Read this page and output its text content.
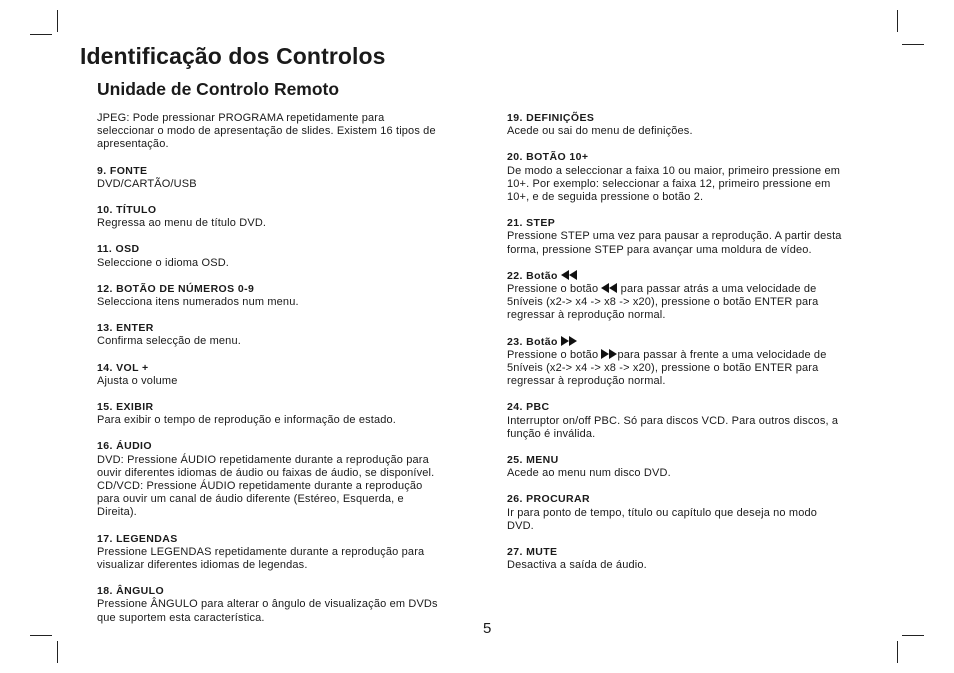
Identificação dos Controlos
Unidade de Controlo Remoto
JPEG: Pode pressionar PROGRAMA repetidamente para
seleccionar o modo de apresentação de slides. Existem 16 tipos de
apresentação.
9. FONTE
DVD/CARTÃO/USB
10. TÍTULO
Regressa ao menu de título DVD.
11. OSD
Seleccione o idioma OSD.
12. BOTÃO DE NÚMEROS 0-9
Selecciona itens numerados num menu.
13. ENTER
Confirma selecção de menu.
14. VOL +
Ajusta o volume
15. EXIBIR
Para exibir o tempo de reprodução e informação de estado.
16. ÁUDIO
DVD: Pressione ÁUDIO repetidamente durante a reprodução para
ouvir diferentes idiomas de áudio ou faixas de áudio, se disponível.
CD/VCD: Pressione ÁUDIO repetidamente durante a reprodução
para ouvir um canal de áudio diferente (Estéreo, Esquerda, e
Direita).
17. LEGENDAS
Pressione LEGENDAS repetidamente durante a reprodução para
visualizar diferentes idiomas de legendas.
18. ÂNGULO
Pressione ÂNGULO para alterar o ângulo de visualização em DVDs
que suportem esta característica.
19. DEFINIÇÕES
Acede ou sai do menu de definições.
20. BOTÃO 10+
De modo a seleccionar a faixa 10 ou maior, primeiro pressione em
10+. Por exemplo: seleccionar a faixa 12, primeiro pressione em
10+, e de seguida pressione o botão 2.
21. STEP
Pressione STEP uma vez para pausar a reprodução. A partir desta
forma, pressione STEP para avançar uma moldura de vídeo.
22. Botão
Pressione o botão para passar atrás a uma velocidade de
5níveis (x2-> x4 -> x8 -> x20), pressione o botão ENTER para
regressar à reprodução normal.
23. Botão
Pressione o botão para passar à frente a uma velocidade de
5níveis (x2-> x4 -> x8 -> x20), pressione o botão ENTER para
regressar à reprodução normal.
24. PBC
Interruptor on/off PBC. Só para discos VCD. Para outros discos, a
função é inválida.
25. MENU
Acede ao menu num disco DVD.
26. PROCURAR
Ir para ponto de tempo, título ou capítulo que deseja no modo
DVD.
27. MUTE
Desactiva a saída de áudio.
5
